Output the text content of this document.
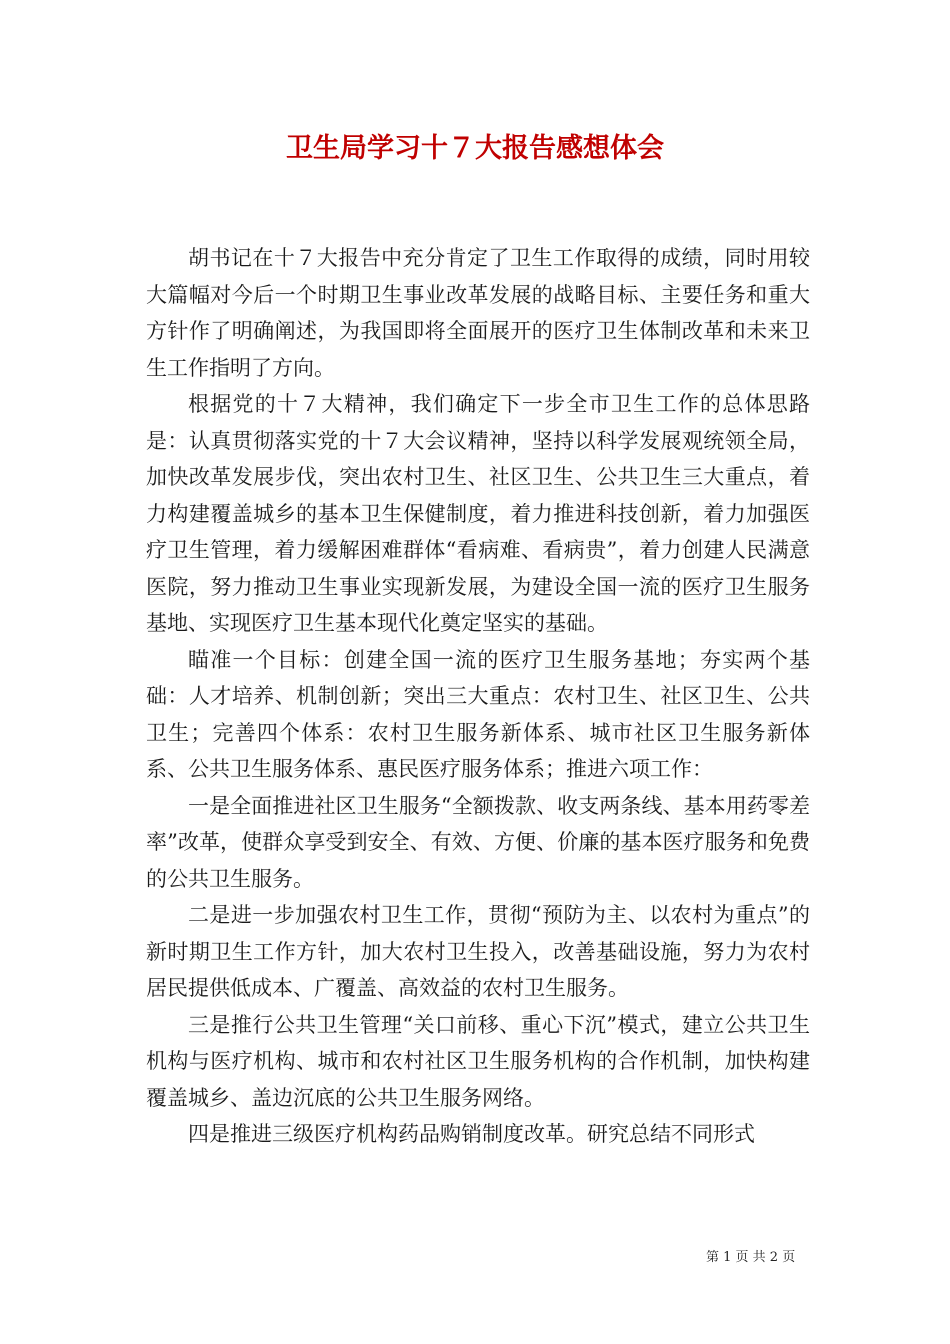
卫生局学习十７大报告感想体会

胡书记在十７大报告中充分肯定了卫生工作取得的成绩，同时用较大篇幅对今后一个时期卫生事业改革发展的战略目标、主要任务和重大方针作了明确阐述，为我国即将全面展开的医疗卫生体制改革和未来卫生工作指明了方向。

根据党的十７大精神，我们确定下一步全市卫生工作的总体思路是：认真贯彻落实党的十７大会议精神，坚持以科学发展观统领全局，加快改革发展步伐，突出农村卫生、社区卫生、公共卫生三大重点，着力构建覆盖城乡的基本卫生保健制度，着力推进科技创新，着力加强医疗卫生管理，着力缓解困难群体“看病难、看病贵”，着力创建人民满意医院，努力推动卫生事业实现新发展，为建设全国一流的医疗卫生服务基地、实现医疗卫生基本现代化奠定坚实的基础。

瞄准一个目标：创建全国一流的医疗卫生服务基地；夯实两个基础：人才培养、机制创新；突出三大重点：农村卫生、社区卫生、公共卫生；完善四个体系：农村卫生服务新体系、城市社区卫生服务新体系、公共卫生服务体系、惠民医疗服务体系；推进六项工作：

一是全面推进社区卫生服务“全额拨款、收支两条线、基本用药零差率”改革，使群众享受到安全、有效、方便、价廉的基本医疗服务和免费的公共卫生服务。

二是进一步加强农村卫生工作，贯彻“预防为主、以农村为重点”的新时期卫生工作方针，加大农村卫生投入，改善基础设施，努力为农村居民提供低成本、广覆盖、高效益的农村卫生服务。

三是推行公共卫生管理“关口前移、重心下沉”模式，建立公共卫生机构与医疗机构、城市和农村社区卫生服务机构的合作机制，加快构建覆盖城乡、盖边沉底的公共卫生服务网络。

四是推进三级医疗机构药品购销制度改革。研究总结不同形式

第 1 页 共 2 页
